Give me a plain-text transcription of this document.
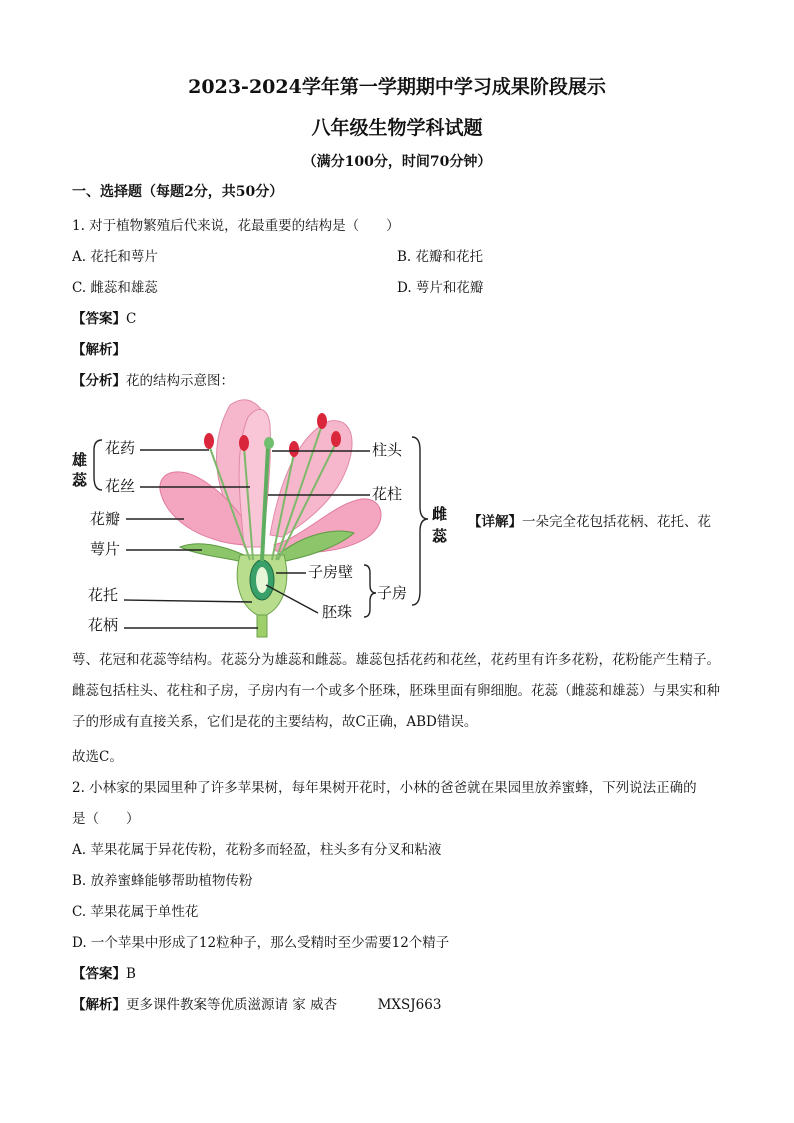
2023-2024学年第一学期期中学习成果阶段展示
八年级生物学科试题
（满分100分，时间70分钟）
一、选择题（每题2分，共50分）
1. 对于植物繁殖后代来说，花最重要的结构是（　　）
A. 花托和萼片	B. 花瓣和花托
C. 雌蕊和雄蕊	D. 萼片和花瓣
【答案】C
【解析】
【分析】花的结构示意图：
雄
蕊
花药
花丝
花瓣
萼片
花托
花柄
柱头
花柱
子房壁
胚珠
子房
雌
蕊
【详解】一朵完全花包括花柄、花托、花
萼、花冠和花蕊等结构。花蕊分为雄蕊和雌蕊。雄蕊包括花药和花丝，花药里有许多花粉，花粉能产生精子。雌蕊包括柱头、花柱和子房，子房内有一个或多个胚珠，胚珠里面有卵细胞。花蕊（雌蕊和雄蕊）与果实和种子的形成有直接关系，它们是花的主要结构，故C正确，ABD错误。
故选C。
2. 小林家的果园里种了许多苹果树，每年果树开花时，小林的爸爸就在果园里放养蜜蜂，下列说法正确的
是（　　）
A. 苹果花属于异花传粉，花粉多而轻盈，柱头多有分叉和粘液
B. 放养蜜蜂能够帮助植物传粉
C. 苹果花属于单性花
D. 一个苹果中形成了12粒种子，那么受精时至少需要12个精子
【答案】B
【解析】更多课件教案等优质滋源请 家 威杏　　　MXSJ663
